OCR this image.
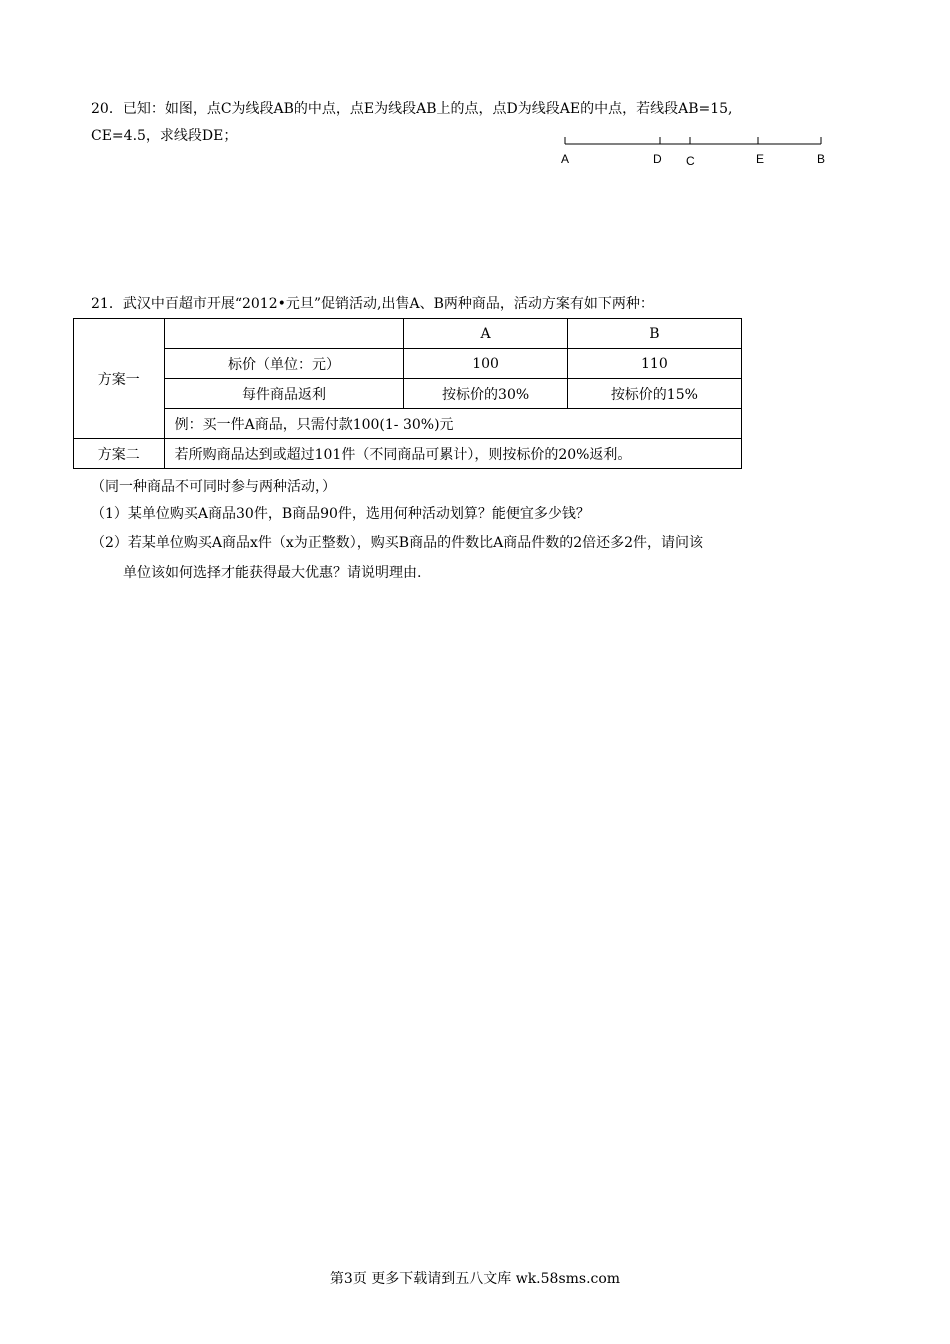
20．已知：如图，点C为线段AB的中点，点E为线段AB上的点，点D为线段AE的中点，若线段AB=15,
CE=4.5，求线段DE；
A	D C	E	B
21．武汉中百超市开展“2012•元旦”促销活动,出售A、B两种商品，活动方案有如下两种：
方案一		A	B
	标价（单位：元）	100	110
	每件商品返利	按标价的30%	按标价的15%
	例：买一件A商品，只需付款100(1- 30%)元		
方案二	若所购商品达到或超过101件（不同商品可累计），则按标价的20%返利。		
（同一种商品不可同时参与两种活动，）
（1）某单位购买A商品30件，B商品90件，选用何种活动划算？能便宜多少钱？
（2）若某单位购买A商品x件（x为正整数），购买B商品的件数比A商品件数的2倍还多2件，请问该
单位该如何选择才能获得最大优惠？请说明理由.
第3页 更多下载请到五八文库 wk.58sms.com
